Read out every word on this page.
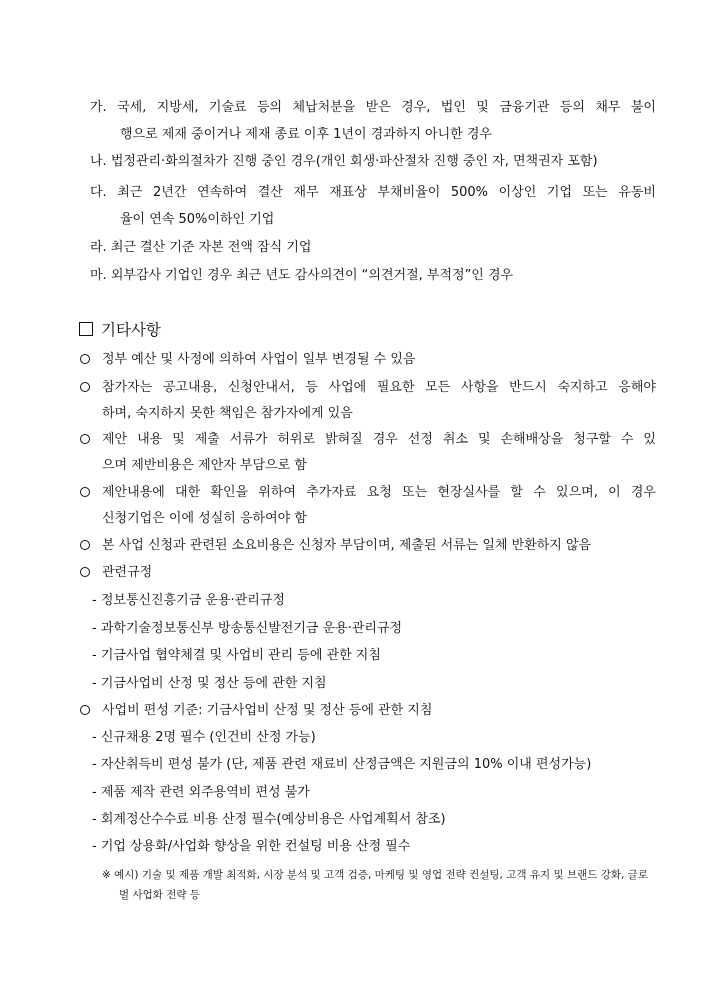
가. 국세, 지방세, 기술료 등의 체납처분을 받은 경우, 법인 및 금융기관 등의 채무 불이
행으로 제재 중이거나 제재 종료 이후 1년이 경과하지 아니한 경우
나. 법정관리·화의절차가 진행 중인 경우(개인 회생·파산절차 진행 중인 자, 면책권자 포함)
다. 최근 2년간 연속하여 결산 재무 재표상 부채비율이 500% 이상인 기업 또는 유동비
율이 연속 50%이하인 기업
라. 최근 결산 기준 자본 전액 잠식 기업
마. 외부감사 기업인 경우 최근 년도 감사의견이 “의견거절, 부적정”인 경우
기타사항
정부 예산 및 사정에 의하여 사업이 일부 변경될 수 있음
참가자는 공고내용, 신청안내서, 등 사업에 필요한 모든 사항을 반드시 숙지하고 응해야
하며, 숙지하지 못한 책임은 참가자에게 있음
제안 내용 및 제출 서류가 허위로 밝혀질 경우 선정 취소 및 손해배상을 청구할 수 있
으며 제반비용은 제안자 부담으로 함
제안내용에 대한 확인을 위하여 추가자료 요청 또는 현장실사를 할 수 있으며, 이 경우
신청기업은 이에 성실히 응하여야 함
본 사업 신청과 관련된 소요비용은 신청자 부담이며, 제출된 서류는 일체 반환하지 않음
관련규정
- 정보통신진흥기금 운용·관리규정
- 과학기술정보통신부 방송통신발전기금 운용·관리규정
- 기금사업 협약체결 및 사업비 관리 등에 관한 지침
- 기금사업비 산정 및 정산 등에 관한 지침
사업비 편성 기준: 기금사업비 산정 및 정산 등에 관한 지침
- 신규채용 2명 필수 (인건비 산정 가능)
- 자산취득비 편성 불가 (단, 제품 관련 재료비 산정금액은 지원금의 10% 이내 편성가능)
- 제품 제작 관련 외주용역비 편성 불가
- 회계정산수수료 비용 산정 필수(예상비용은 사업계획서 참조)
- 기업 상용화/사업화 향상을 위한 컨설팅 비용 산정 필수
※ 예시) 기술 및 제품 개발 최적화, 시장 분석 및 고객 검증, 마케팅 및 영업 전략 컨설팅, 고객 유지 및 브랜드 강화, 글로
벌 사업화 전략 등
